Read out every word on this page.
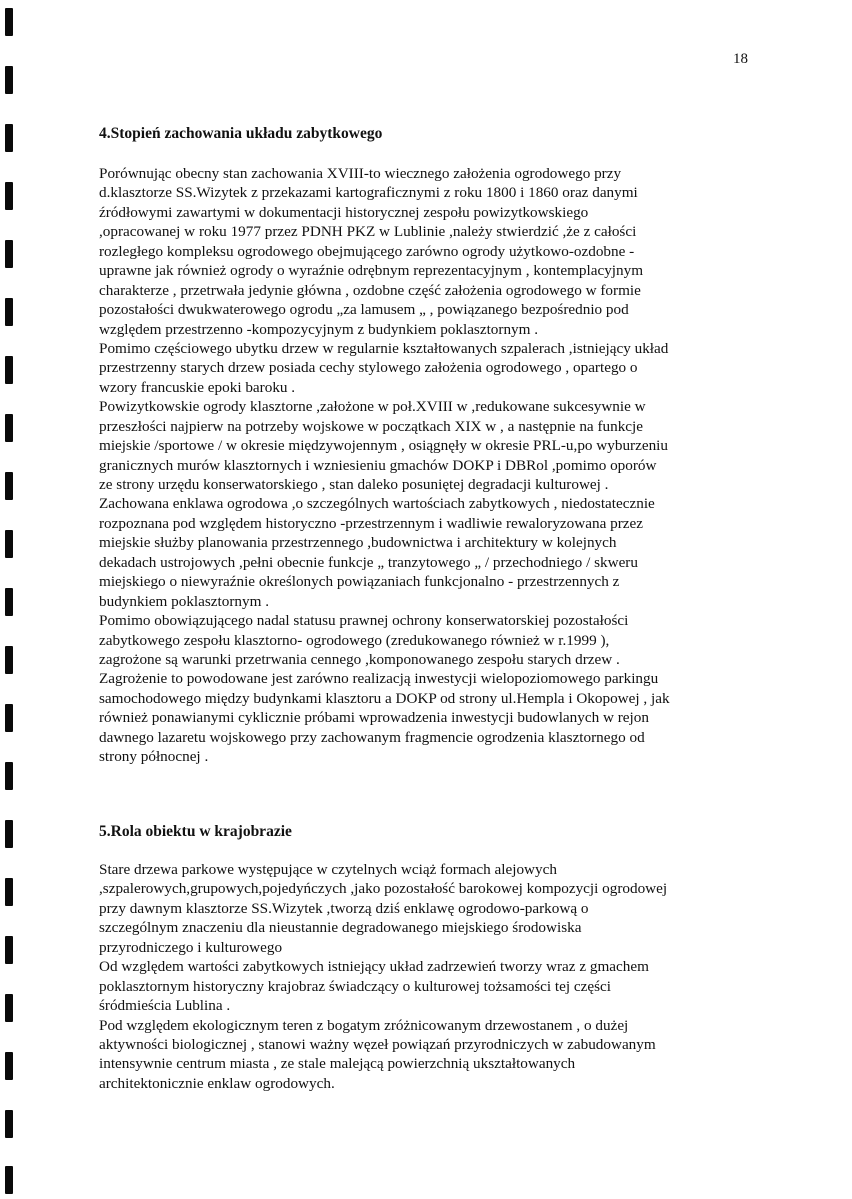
18
4.Stopień zachowania układu zabytkowego
Porównując obecny stan zachowania XVIII-to wiecznego założenia ogrodowego przy
d.klasztorze SS.Wizytek z przekazami kartograficznymi z roku 1800 i 1860 oraz danymi
źródłowymi zawartymi w dokumentacji historycznej zespołu powizytkowskiego
,opracowanej w roku 1977 przez PDNH PKZ w Lublinie ,należy stwierdzić ,że z całości
rozległego kompleksu ogrodowego obejmującego zarówno ogrody użytkowo-ozdobne -
uprawne jak również ogrody o wyraźnie odrębnym reprezentacyjnym , kontemplacyjnym
charakterze , przetrwała jedynie główna , ozdobne część założenia ogrodowego w formie
pozostałości dwukwaterowego ogrodu „za lamusem „ , powiązanego bezpośrednio pod
względem przestrzenno -kompozycyjnym z budynkiem poklasztornym .
Pomimo częściowego ubytku drzew w regularnie kształtowanych szpalerach ,istniejący układ
przestrzenny starych drzew posiada cechy stylowego założenia ogrodowego , opartego o
wzory francuskie epoki baroku .
Powizytkowskie ogrody klasztorne ,założone w poł.XVIII w ,redukowane sukcesywnie w
przeszłości najpierw na potrzeby wojskowe w początkach XIX w , a następnie na funkcje
miejskie /sportowe / w okresie międzywojennym , osiągnęły w okresie PRL-u,po wyburzeniu
granicznych murów klasztornych i wzniesieniu gmachów DOKP i DBRol ,pomimo oporów
ze strony urzędu konserwatorskiego , stan daleko posuniętej degradacji kulturowej .
Zachowana enklawa ogrodowa ,o szczególnych wartościach zabytkowych , niedostatecznie
rozpoznana pod względem historyczno -przestrzennym i wadliwie rewaloryzowana przez
miejskie służby planowania przestrzennego ,budownictwa i architektury w kolejnych
dekadach ustrojowych ,pełni obecnie funkcje „ tranzytowego „ / przechodniego / skweru
miejskiego o niewyraźnie określonych powiązaniach funkcjonalno - przestrzennych z
budynkiem poklasztornym .
Pomimo obowiązującego nadal statusu prawnej ochrony konserwatorskiej pozostałości
zabytkowego zespołu klasztorno- ogrodowego (zredukowanego również w r.1999 ),
zagrożone są warunki przetrwania cennego ,komponowanego zespołu starych drzew .
Zagrożenie to powodowane jest zarówno realizacją inwestycji wielopoziomowego parkingu
samochodowego między budynkami klasztoru a DOKP od strony ul.Hempla i Okopowej , jak
również ponawianymi cyklicznie próbami wprowadzenia inwestycji budowlanych w rejon
dawnego lazaretu wojskowego przy zachowanym fragmencie ogrodzenia klasztornego od
strony północnej .
5.Rola obiektu w krajobrazie
Stare drzewa parkowe występujące w czytelnych wciąż formach alejowych
,szpalerowych,grupowych,pojedyńczych ,jako pozostałość barokowej kompozycji ogrodowej
przy dawnym klasztorze SS.Wizytek ,tworzą dziś enklawę ogrodowo-parkową o
szczególnym znaczeniu dla nieustannie degradowanego miejskiego środowiska
przyrodniczego i kulturowego
Od względem wartości zabytkowych istniejący układ zadrzewień tworzy wraz z gmachem
poklasztornym historyczny krajobraz świadczący o kulturowej tożsamości tej części
śródmieścia Lublina .
Pod względem ekologicznym teren z bogatym zróżnicowanym drzewostanem , o dużej
aktywności biologicznej , stanowi ważny węzeł powiązań przyrodniczych w zabudowanym
intensywnie centrum miasta , ze stale malejącą powierzchnią ukształtowanych
architektonicznie enklaw ogrodowych.
